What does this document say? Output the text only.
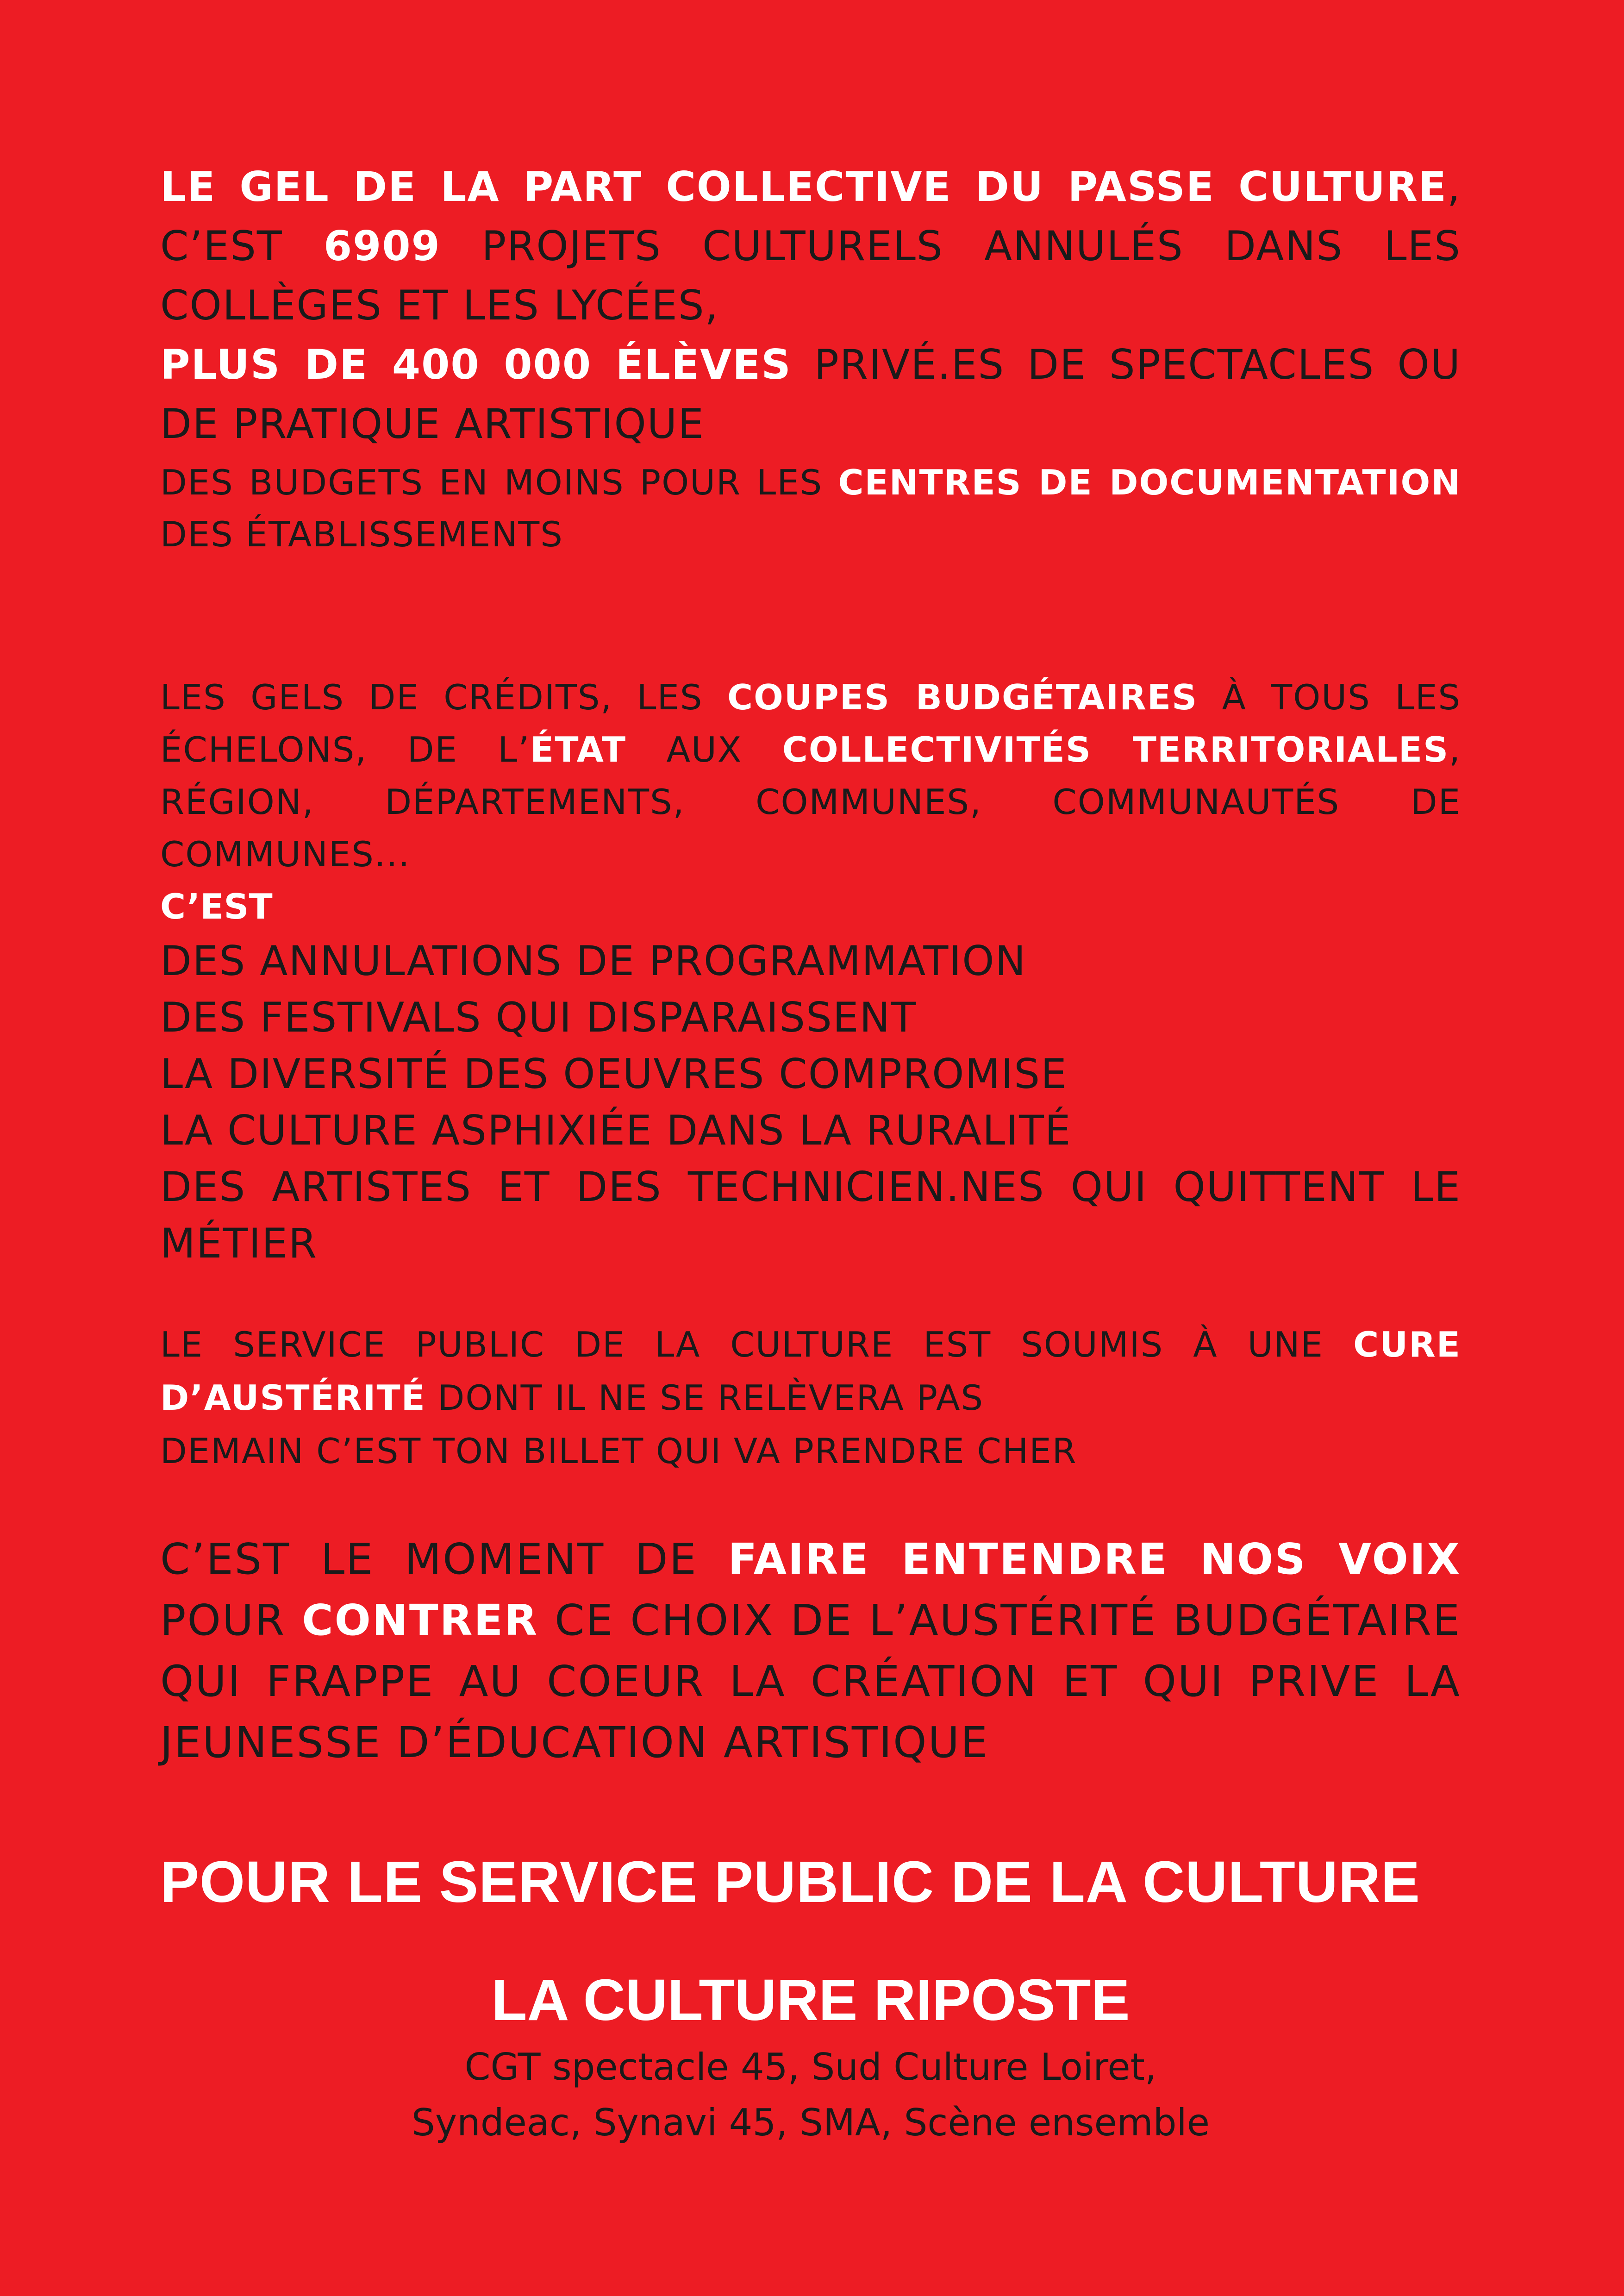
LE GEL DE LA PART COLLECTIVE DU PASSE CULTURE, C’EST 6909 PROJETS CULTURELS ANNULÉS DANS LES COLLÈGES ET LES LYCÉES,
PLUS DE 400 000 ÉLÈVES PRIVÉ.ES DE SPECTACLES OU DE PRATIQUE ARTISTIQUE

DES BUDGETS EN MOINS POUR LES CENTRES DE DOCUMENTATION DES ÉTABLISSEMENTS

LES GELS DE CRÉDITS, LES COUPES BUDGÉTAIRES À TOUS LES ÉCHELONS, DE L’ÉTAT AUX COLLECTIVITÉS TERRITORIALES, RÉGION, DÉPARTEMENTS, COMMUNES, COMMUNAUTÉS DE COMMUNES...

C’EST

DES ANNULATIONS DE PROGRAMMATION
DES FESTIVALS QUI DISPARAISSENT
LA DIVERSITÉ DES OEUVRES COMPROMISE
LA CULTURE ASPHIXIÉE DANS LA RURALITÉ
DES ARTISTES ET DES TECHNICIEN.NES QUI QUITTENT LE MÉTIER

LE SERVICE PUBLIC DE LA CULTURE EST SOUMIS À UNE CURE D’AUSTÉRITÉ DONT IL NE SE RELÈVERA PAS
DEMAIN C’EST TON BILLET QUI VA PRENDRE CHER

C’EST LE MOMENT DE FAIRE ENTENDRE NOS VOIX POUR CONTRER CE CHOIX DE L’AUSTÉRITÉ BUDGÉTAIRE QUI FRAPPE AU COEUR LA CRÉATION ET QUI PRIVE LA JEUNESSE D’ÉDUCATION ARTISTIQUE

POUR LE SERVICE PUBLIC DE LA CULTURE
LA CULTURE RIPOSTE

CGT spectacle 45, Sud Culture Loiret,
Syndeac, Synavi 45, SMA, Scène ensemble
